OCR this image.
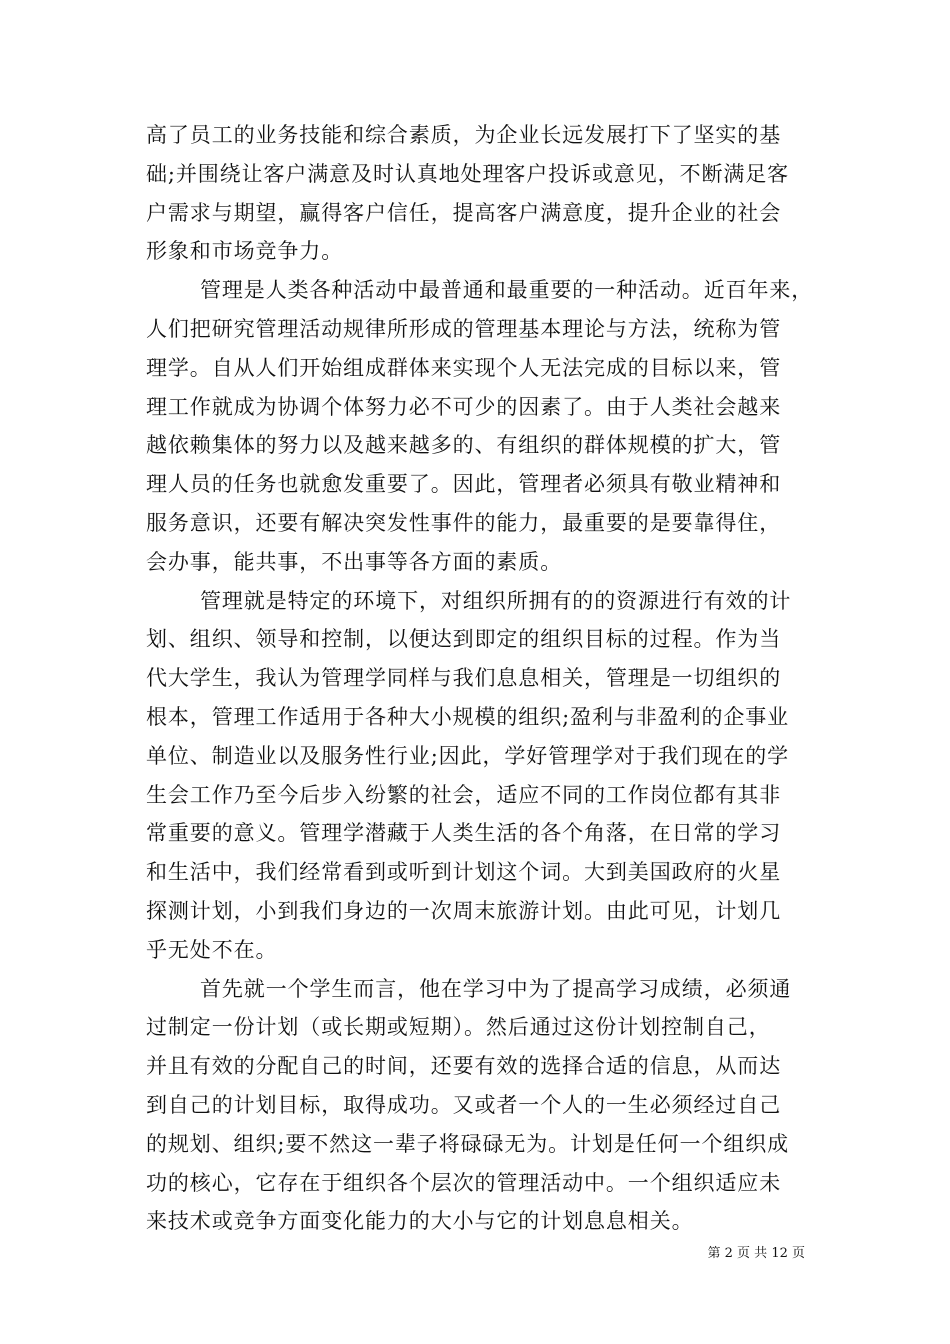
高了员工的业务技能和综合素质，为企业长远发展打下了坚实的基
础;并围绕让客户满意及时认真地处理客户投诉或意见，不断满足客
户需求与期望，赢得客户信任，提高客户满意度，提升企业的社会
形象和市场竞争力。
管理是人类各种活动中最普通和最重要的一种活动。近百年来，
人们把研究管理活动规律所形成的管理基本理论与方法，统称为管
理学。自从人们开始组成群体来实现个人无法完成的目标以来，管
理工作就成为协调个体努力必不可少的因素了。由于人类社会越来
越依赖集体的努力以及越来越多的、有组织的群体规模的扩大，管
理人员的任务也就愈发重要了。因此，管理者必须具有敬业精神和
服务意识，还要有解决突发性事件的能力，最重要的是要靠得住，
会办事，能共事，不出事等各方面的素质。
管理就是特定的环境下，对组织所拥有的的资源进行有效的计
划、组织、领导和控制，以便达到即定的组织目标的过程。作为当
代大学生，我认为管理学同样与我们息息相关，管理是一切组织的
根本，管理工作适用于各种大小规模的组织;盈利与非盈利的企事业
单位、制造业以及服务性行业;因此，学好管理学对于我们现在的学
生会工作乃至今后步入纷繁的社会，适应不同的工作岗位都有其非
常重要的意义。管理学潜藏于人类生活的各个角落，在日常的学习
和生活中，我们经常看到或听到计划这个词。大到美国政府的火星
探测计划，小到我们身边的一次周末旅游计划。由此可见，计划几
乎无处不在。
首先就一个学生而言，他在学习中为了提高学习成绩，必须通
过制定一份计划（或长期或短期）。然后通过这份计划控制自己，
并且有效的分配自己的时间，还要有效的选择合适的信息，从而达
到自己的计划目标，取得成功。又或者一个人的一生必须经过自己
的规划、组织;要不然这一辈子将碌碌无为。计划是任何一个组织成
功的核心，它存在于组织各个层次的管理活动中。一个组织适应未
来技术或竞争方面变化能力的大小与它的计划息息相关。
第 2 页 共 12 页
